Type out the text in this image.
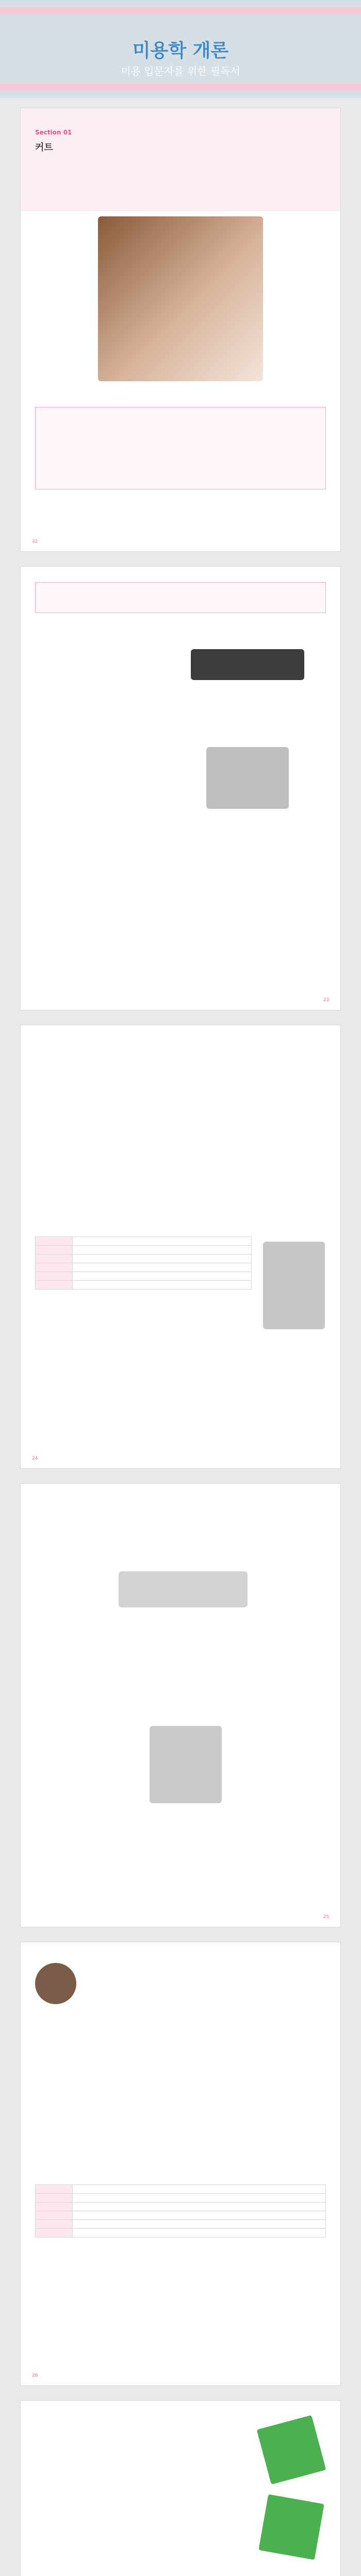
미용학 개론
미용 입문자를 위한 필독서
Section 01
커트
22
23

24
25

26
